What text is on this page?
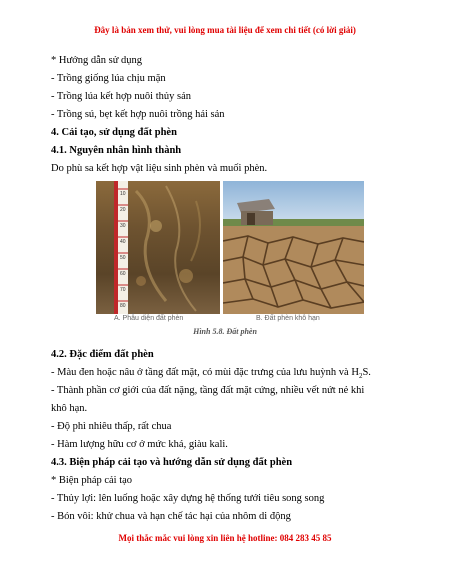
Đây là bản xem thử, vui lòng mua tài liệu để xem chi tiết (có lời giải)
* Hướng dẫn sử dụng
- Trồng giống lúa chịu mặn
- Trồng lúa kết hợp nuôi thủy sản
- Trồng sú, bẹt kết hợp nuôi trồng hải sản
4. Cải tạo, sử dụng đất phèn
4.1. Nguyên nhân hình thành
Do phù sa kết hợp vật liệu sinh phèn và muối phèn.
10
20
30
40
50
60
70
80
A. Phẫu diện đất phèn	B. Đất phèn khô hạn
Hình 5.8. Đất phèn
4.2. Đặc điểm đất phèn
- Màu đen hoặc nâu ở tầng đất mặt, có mùi đặc trưng của lưu huỳnh và $H_2S$.
- Thành phần cơ giới của đất nặng, tầng đất mặt cứng, nhiều vết nứt nẻ khi
khô hạn.
- Độ phì nhiêu thấp, rất chua
- Hàm lượng hữu cơ ở mức khá, giàu kali.
4.3. Biện pháp cải tạo và hướng dẫn sử dụng đất phèn
* Biện pháp cải tạo
- Thủy lợi: lên luống hoặc xây dựng hệ thống tưới tiêu song song
- Bón vôi: khử chua và hạn chế tác hại của nhôm di động
Mọi thắc mắc vui lòng xin liên hệ hotline: 084 283 45 85
